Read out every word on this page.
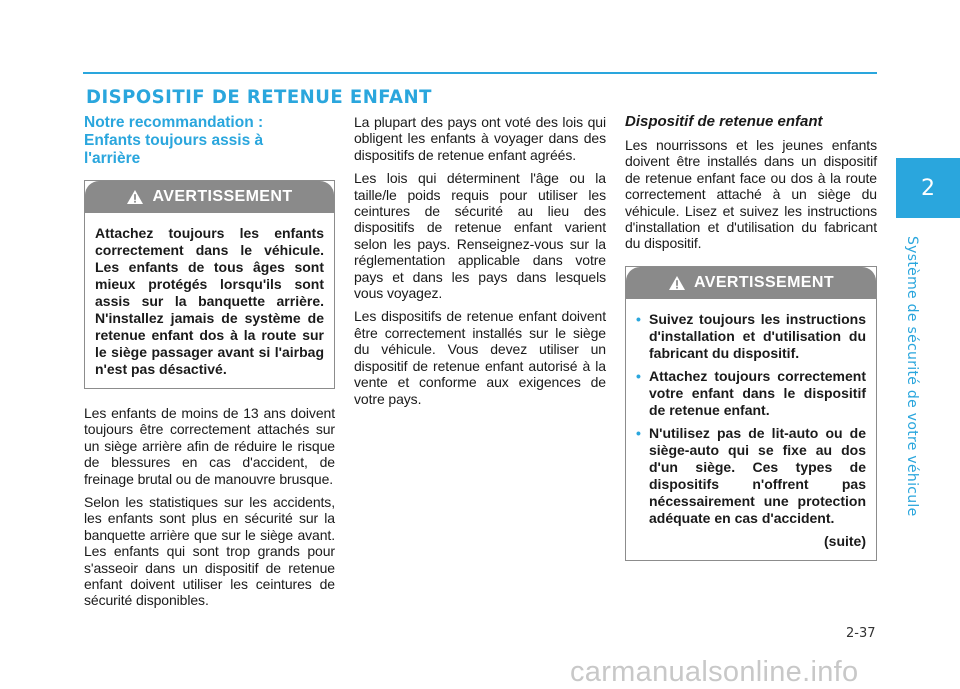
DISPOSITIF DE RETENUE ENFANT
2
Système de sécurité de votre véhicule
Notre recommandation :
Enfants toujours assis à
l'arrière
AVERTISSEMENT
Attachez toujours les enfants correctement dans le véhicule. Les enfants de tous âges sont mieux protégés lorsqu'ils sont assis sur la banquette arrière. N'installez jamais de système de retenue enfant dos à la route sur le siège passager avant si l'airbag n'est pas désactivé.

Les enfants de moins de 13 ans doivent toujours être correctement attachés sur un siège arrière afin de réduire le risque de blessures en cas d'accident, de freinage brutal ou de manouvre brusque.

Selon les statistiques sur les accidents, les enfants sont plus en sécurité sur la banquette arrière que sur le siège avant. Les enfants qui sont trop grands pour s'asseoir dans un dispositif de retenue enfant doivent utiliser les ceintures de sécurité disponibles.

La plupart des pays ont voté des lois qui obligent les enfants à voyager dans des dispositifs de retenue enfant agréés.

Les lois qui déterminent l'âge ou la taille/le poids requis pour utiliser les ceintures de sécurité au lieu des dispositifs de retenue enfant varient selon les pays. Renseignez-vous sur la réglementation applicable dans votre pays et dans les pays dans lesquels vous voyagez.

Les dispositifs de retenue enfant doivent être correctement installés sur le siège du véhicule. Vous devez utiliser un dispositif de retenue enfant autorisé à la vente et conforme aux exigences de votre pays.

Dispositif de retenue enfant

Les nourrissons et les jeunes enfants doivent être installés dans un dispositif de retenue enfant face ou dos à la route correctement attaché à un siège du véhicule. Lisez et suivez les instructions d'installation et d'utilisation du fabricant du dispositif.

AVERTISSEMENT
• Suivez toujours les instructions d'installation et d'utilisation du fabricant du dispositif.
• Attachez toujours correctement votre enfant dans le dispositif de retenue enfant.
• N'utilisez pas de lit-auto ou de siège-auto qui se fixe au dos d'un siège. Ces types de dispositifs n'offrent pas nécessairement une protection adéquate en cas d'accident.
(suite)
2-37
carmanualsonline.info
